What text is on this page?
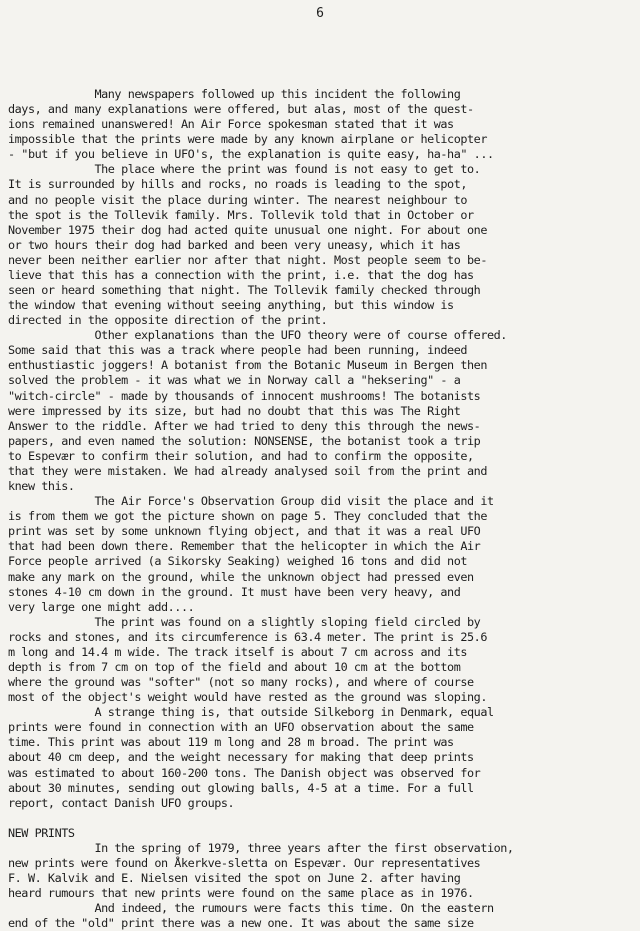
6
Many newspapers followed up this incident the following
days, and many explanations were offered, but alas, most of the quest-
ions remained unanswered! An Air Force spokesman stated that it was
impossible that the prints were made by any known airplane or helicopter
- "but if you believe in UFO's, the explanation is quite easy, ha-ha" ...
The place where the print was found is not easy to get to.
It is surrounded by hills and rocks, no roads is leading to the spot,
and no people visit the place during winter. The nearest neighbour to
the spot is the Tollevik family. Mrs. Tollevik told that in October or
November 1975 their dog had acted quite unusual one night. For about one
or two hours their dog had barked and been very uneasy, which it has
never been neither earlier nor after that night. Most people seem to be-
lieve that this has a connection with the print, i.e. that the dog has
seen or heard something that night. The Tollevik family checked through
the window that evening without seeing anything, but this window is
directed in the opposite direction of the print.
Other explanations than the UFO theory were of course offered.
Some said that this was a track where people had been running, indeed
enthustiastic joggers! A botanist from the Botanic Museum in Bergen then
solved the problem - it was what we in Norway call a "heksering" - a
"witch-circle" - made by thousands of innocent mushrooms! The botanists
were impressed by its size, but had no doubt that this was The Right
Answer to the riddle. After we had tried to deny this through the news-
papers, and even named the solution: NONSENSE, the botanist took a trip
to Espevær to confirm their solution, and had to confirm the opposite,
that they were mistaken. We had already analysed soil from the print and
knew this.
The Air Force's Observation Group did visit the place and it
is from them we got the picture shown on page 5. They concluded that the
print was set by some unknown flying object, and that it was a real UFO
that had been down there. Remember that the helicopter in which the Air
Force people arrived (a Sikorsky Seaking) weighed 16 tons and did not
make any mark on the ground, while the unknown object had pressed even
stones 4-10 cm down in the ground. It must have been very heavy, and
very large one might add....
The print was found on a slightly sloping field circled by
rocks and stones, and its circumference is 63.4 meter. The print is 25.6
m long and 14.4 m wide. The track itself is about 7 cm across and its
depth is from 7 cm on top of the field and about 10 cm at the bottom
where the ground was "softer" (not so many rocks), and where of course
most of the object's weight would have rested as the ground was sloping.
A strange thing is, that outside Silkeborg in Denmark, equal
prints were found in connection with an UFO observation about the same
time. This print was about 119 m long and 28 m broad. The print was
about 40 cm deep, and the weight necessary for making that deep prints
was estimated to about 160-200 tons. The Danish object was observed for
about 30 minutes, sending out glowing balls, 4-5 at a time. For a full
report, contact Danish UFO groups.
NEW PRINTS
In the spring of 1979, three years after the first observation,
new prints were found on Åkerkve-sletta on Espevær. Our representatives
F. W. Kalvik and E. Nielsen visited the spot on June 2. after having
heard rumours that new prints were found on the same place as in 1976.
And indeed, the rumours were facts this time. On the eastern
end of the "old" print there was a new one. It was about the same size
